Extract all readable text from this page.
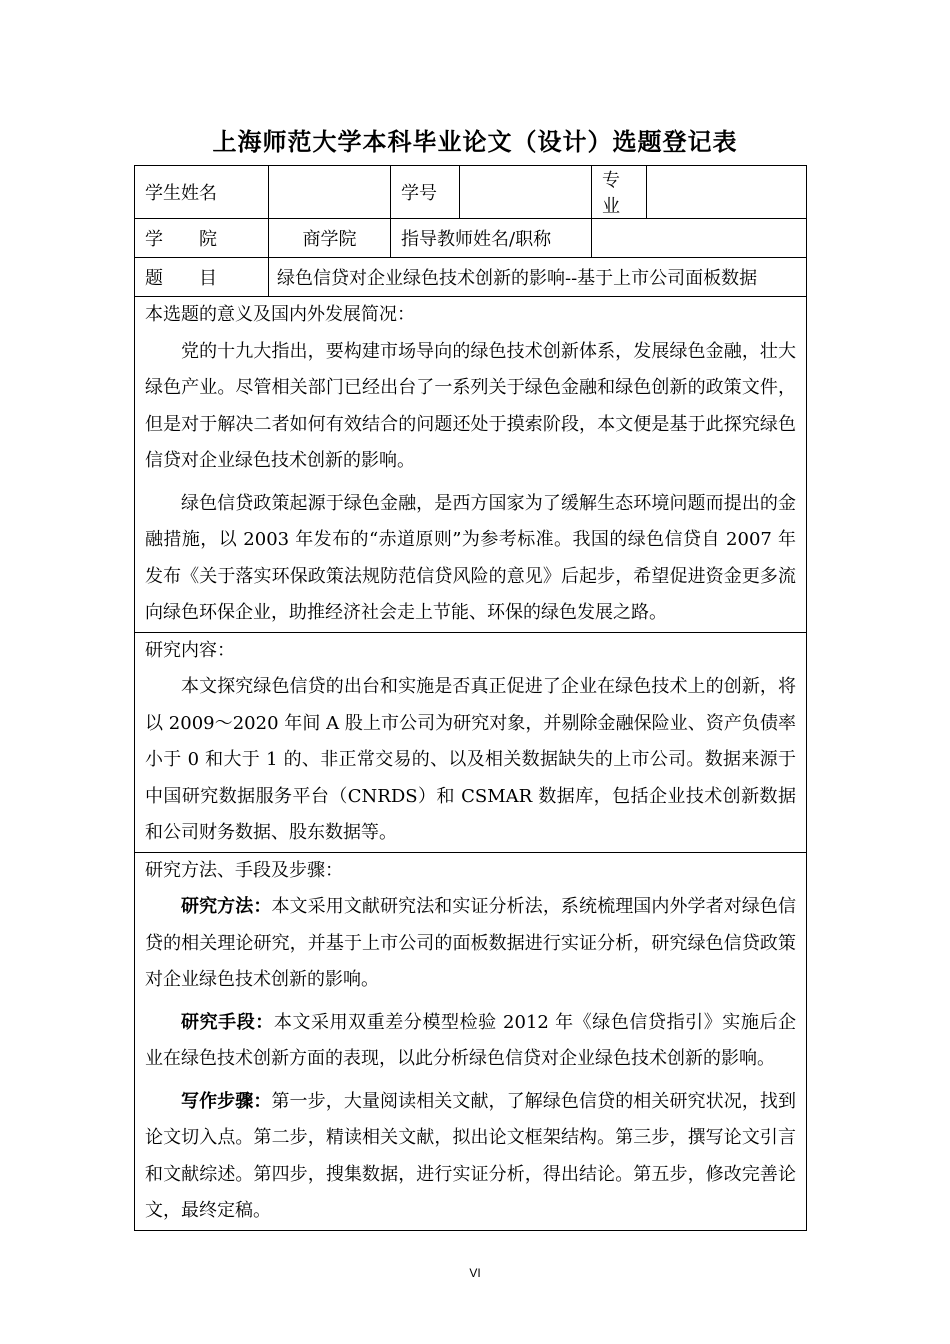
上海师范大学本科毕业论文（设计）选题登记表
学生姓名		学号		专业	
学　　院	商学院	指导教师姓名/职称			
题　　目	绿色信贷对企业绿色技术创新的影响--基于上市公司面板数据				

本选题的意义及国内外发展简况：

党的十九大指出，要构建市场导向的绿色技术创新体系，发展绿色金融，壮大绿色产业。尽管相关部门已经出台了一系列关于绿色金融和绿色创新的政策文件，但是对于解决二者如何有效结合的问题还处于摸索阶段，本文便是基于此探究绿色信贷对企业绿色技术创新的影响。

绿色信贷政策起源于绿色金融，是西方国家为了缓解生态环境问题而提出的金融措施，以 2003 年发布的“赤道原则”为参考标准。我国的绿色信贷自 2007 年发布《关于落实环保政策法规防范信贷风险的意见》后起步，希望促进资金更多流向绿色环保企业，助推经济社会走上节能、环保的绿色发展之路。					

研究内容：

本文探究绿色信贷的出台和实施是否真正促进了企业在绿色技术上的创新，将以 2009～2020 年间 A 股上市公司为研究对象，并剔除金融保险业、资产负债率小于 0 和大于 1 的、非正常交易的、以及相关数据缺失的上市公司。数据来源于中国研究数据服务平台（CNRDS）和 CSMAR 数据库，包括企业技术创新数据和公司财务数据、股东数据等。					

研究方法、手段及步骤：

研究方法：本文采用文献研究法和实证分析法，系统梳理国内外学者对绿色信贷的相关理论研究，并基于上市公司的面板数据进行实证分析，研究绿色信贷政策对企业绿色技术创新的影响。

研究手段：本文采用双重差分模型检验 2012 年《绿色信贷指引》实施后企业在绿色技术创新方面的表现，以此分析绿色信贷对企业绿色技术创新的影响。

写作步骤：第一步，大量阅读相关文献，了解绿色信贷的相关研究状况，找到论文切入点。第二步，精读相关文献，拟出论文框架结构。第三步，撰写论文引言和文献综述。第四步，搜集数据，进行实证分析，得出结论。第五步，修改完善论文，最终定稿。					

VI
